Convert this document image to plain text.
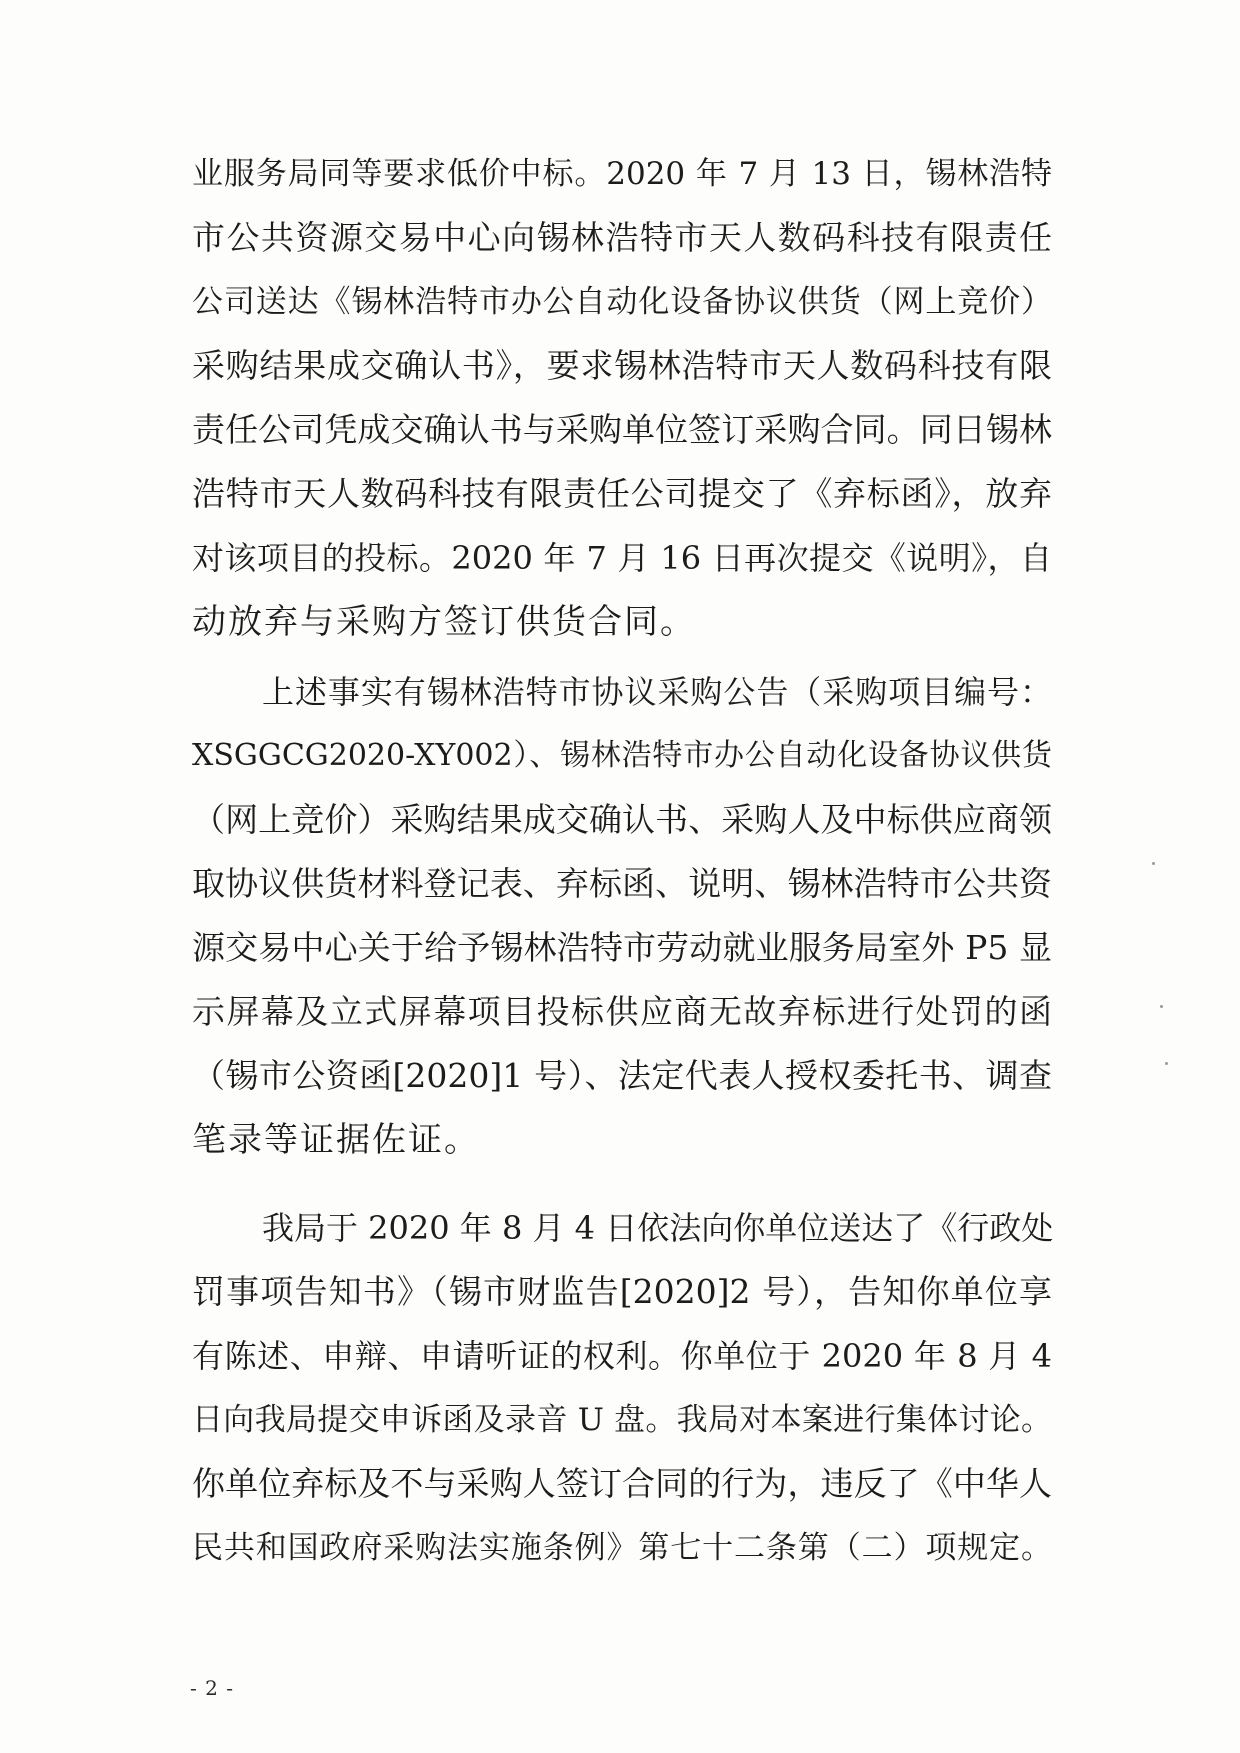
业服务局同等要求低价中标。2020 年 7 月 13 日，锡林浩特
市公共资源交易中心向锡林浩特市天人数码科技有限责任
公司送达《锡林浩特市办公自动化设备协议供货（网上竞价）
采购结果成交确认书》，要求锡林浩特市天人数码科技有限
责任公司凭成交确认书与采购单位签订采购合同。同日锡林
浩特市天人数码科技有限责任公司提交了《弃标函》，放弃
对该项目的投标。2020 年 7 月 16 日再次提交《说明》，自
动放弃与采购方签订供货合同。
上述事实有锡林浩特市协议采购公告（采购项目编号：
XSGGCG2020-XY002）、锡林浩特市办公自动化设备协议供货
（网上竞价）采购结果成交确认书、采购人及中标供应商领
取协议供货材料登记表、弃标函、说明、锡林浩特市公共资
源交易中心关于给予锡林浩特市劳动就业服务局室外 P5 显
示屏幕及立式屏幕项目投标供应商无故弃标进行处罚的函
（锡市公资函[2020]1 号）、法定代表人授权委托书、调查
笔录等证据佐证。
我局于 2020 年 8 月 4 日依法向你单位送达了《行政处
罚事项告知书》（锡市财监告[2020]2 号），告知你单位享
有陈述、申辩、申请听证的权利。你单位于 2020 年 8 月 4
日向我局提交申诉函及录音 U 盘。我局对本案进行集体讨论。
你单位弃标及不与采购人签订合同的行为，违反了《中华人
民共和国政府采购法实施条例》第七十二条第（二）项规定。
- 2 -
